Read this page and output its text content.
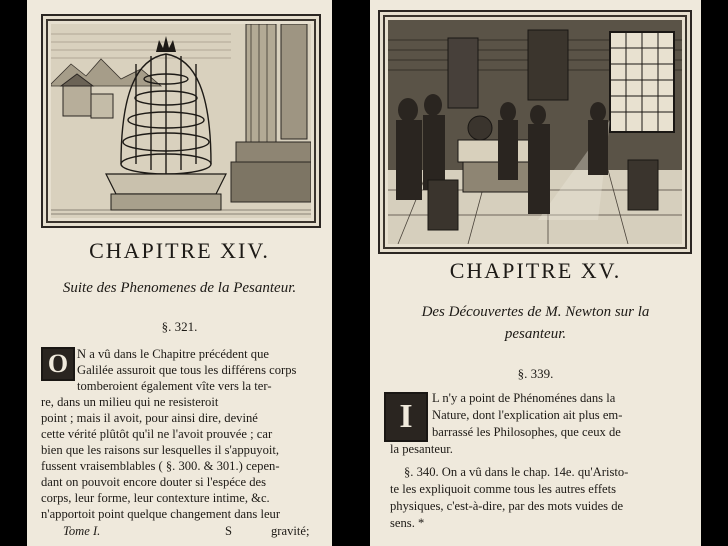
CHAPITRE XIV.
Suite des Phenomenes de la Pesanteur.
§. 321.
O N a vû dans le Chapitre précédent que
Galilée assuroit que tous les différens corps
tomberoient également vîte vers la ter-
re, dans un milieu qui ne resisteroit
point ; mais il avoit, pour ainsi dire, deviné
cette vérité plûtôt qu'il ne l'avoit prouvée ; car
bien que les raisons sur lesquelles il s'appuyoit,
fussent vraisemblables ( §. 300. & 301.) cepen-
dant on pouvoit encore douter si l'espéce des
corps, leur forme, leur contexture intime, &c.
n'apportoit point quelque changement dans leur
Tome I.	S	gravité;
CHAPITRE XV.
Des Découvertes de M. Newton sur la
pesanteur.
§. 339.
I	L n'y a point de Phénoménes dans la
Nature, dont l'explication ait plus em-
barrassé les Philosophes, que ceux de
la pesanteur.
§. 340. On a vû dans le chap. 14e. qu'Aristo-
te les expliquoit comme tous les autres effets
physiques, c'est-à-dire, par des mots vuides de
sens. *
